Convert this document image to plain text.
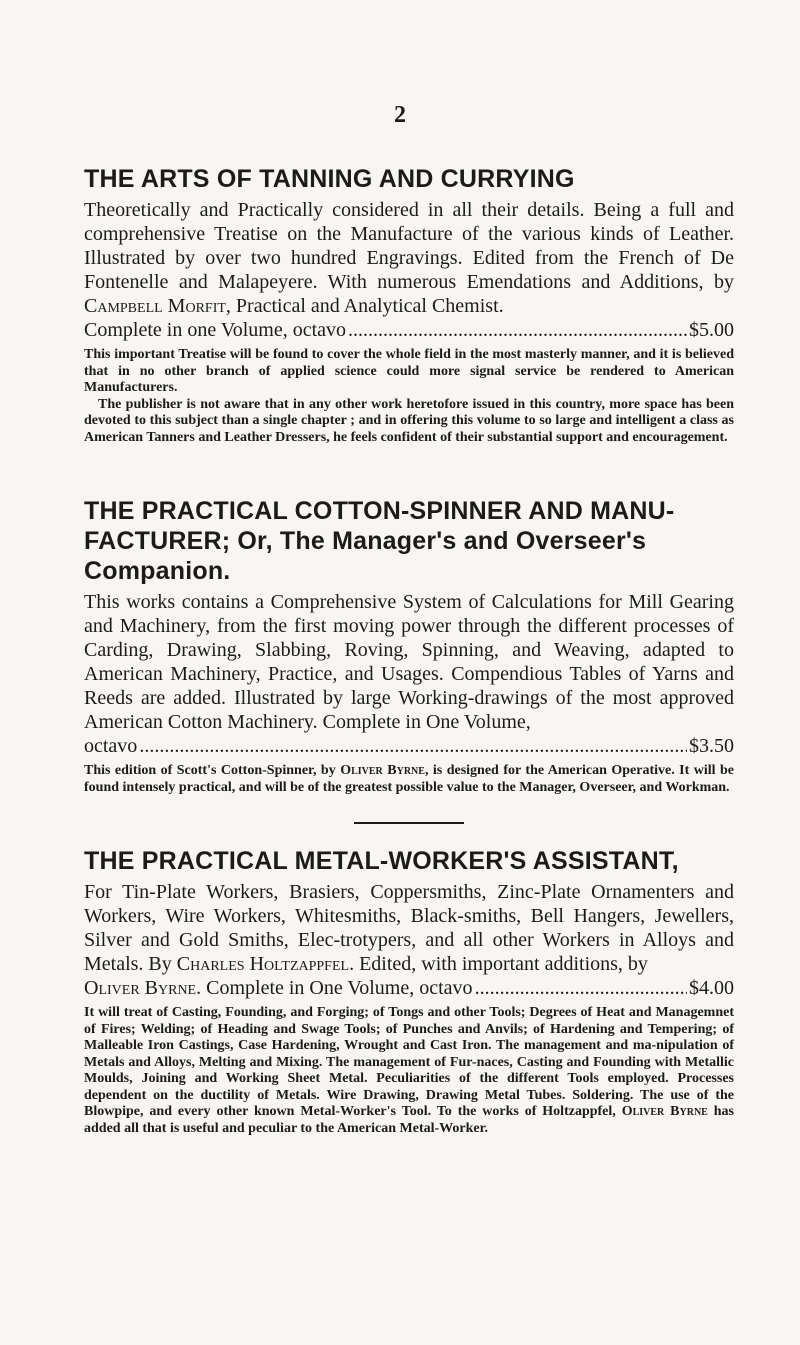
2
THE ARTS OF TANNING AND CURRYING

Theoretically and Practically considered in all their details. Being a full and comprehensive Treatise on the Manufacture of the various kinds of Leather. Illustrated by over two hundred Engravings. Edited from the French of De Fontenelle and Malapeyere. With numerous Emendations and Additions, by Campbell Morfit, Practical and Analytical Chemist.

Complete in one Volume, octavo .....	$5.00

This important Treatise will be found to cover the whole field in the most masterly manner, and it is believed that in no other branch of applied science could more signal service be rendered to American Manufacturers.

The publisher is not aware that in any other work heretofore issued in this country, more space has been devoted to this subject than a single chapter ; and in offering this volume to so large and intelligent a class as American Tanners and Leather Dressers, he feels confident of their substantial support and encouragement.

THE PRACTICAL COTTON-SPINNER AND MANU-FACTURER; Or, The Manager's and Overseer's Companion.

This works contains a Comprehensive System of Calculations for Mill Gearing and Machinery, from the first moving power through the different processes of Carding, Drawing, Slabbing, Roving, Spinning, and Weaving, adapted to American Machinery, Practice, and Usages. Compendious Tables of Yarns and Reeds are added. Illustrated by large Working-drawings of the most approved American Cotton Machinery. Complete in One Volume,

octavo .....	$3.50

This edition of Scott's Cotton-Spinner, by Oliver Byrne, is designed for the American Operative. It will be found intensely practical, and will be of the greatest possible value to the Manager, Overseer, and Workman.

THE PRACTICAL METAL-WORKER'S ASSISTANT,

For Tin-Plate Workers, Brasiers, Coppersmiths, Zinc-Plate Ornamenters and Workers, Wire Workers, Whitesmiths, Black-smiths, Bell Hangers, Jewellers, Silver and Gold Smiths, Elec-trotypers, and all other Workers in Alloys and Metals. By Charles Holtzappfel. Edited, with important additions, by

Oliver Byrne. Complete in One Volume, octavo .....	$4.00

It will treat of Casting, Founding, and Forging; of Tongs and other Tools; Degrees of Heat and Managemnet of Fires; Welding; of Heading and Swage Tools; of Punches and Anvils; of Hardening and Tempering; of Malleable Iron Castings, Case Hardening, Wrought and Cast Iron. The management and ma-nipulation of Metals and Alloys, Melting and Mixing. The management of Fur-naces, Casting and Founding with Metallic Moulds, Joining and Working Sheet Metal. Peculiarities of the different Tools employed. Processes dependent on the ductility of Metals. Wire Drawing, Drawing Metal Tubes. Soldering. The use of the Blowpipe, and every other known Metal-Worker's Tool. To the works of Holtzappfel, Oliver Byrne has added all that is useful and peculiar to the American Metal-Worker.
